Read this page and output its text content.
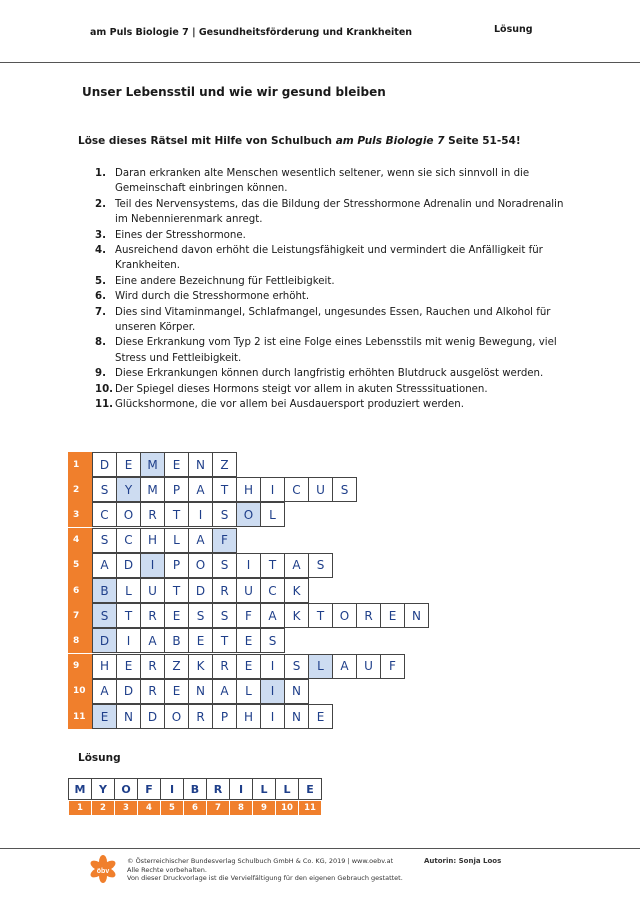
am Puls Biologie 7 | Gesundheitsförderung und Krankheiten	Lösung
Unser Lebensstil und wie wir gesund bleiben
Löse dieses Rätsel mit Hilfe von Schulbuch am Puls Biologie 7 Seite 51-54!
1. Daran erkranken alte Menschen wesentlich seltener, wenn sie sich sinnvoll in die Gemeinschaft einbringen können.
2. Teil des Nervensystems, das die Bildung der Stresshormone Adrenalin und Noradrenalin im Nebennierenmark anregt.
3. Eines der Stresshormone.
4. Ausreichend davon erhöht die Leistungsfähigkeit und vermindert die Anfälligkeit für Krankheiten.
5. Eine andere Bezeichnung für Fettleibigkeit.
6. Wird durch die Stresshormone erhöht.
7. Dies sind Vitaminmangel, Schlafmangel, ungesundes Essen, Rauchen und Alkohol für unseren Körper.
8. Diese Erkrankung vom Typ 2 ist eine Folge eines Lebensstils mit wenig Bewegung, viel Stress und Fettleibigkeit.
9. Diese Erkrankungen können durch langfristig erhöhten Blutdruck ausgelöst werden.
10. Der Spiegel dieses Hormons steigt vor allem in akuten Stresssituationen.
11. Glückshormone, die vor allem bei Ausdauersport produziert werden.
1	D	E	M	E	N	Z
2	S	Y	M	P	A	T	H	I	C	U	S
3	C	O	R	T	I	S	O	L
4	S	C	H	L	A	F
5	A	D	I	P	O	S	I	T	A	S
6	B	L	U	T	D	R	U	C	K
7	S	T	R	E	S	S	F	A	K	T	O	R	E	N
8	D	I	A	B	E	T	E	S
9	H	E	R	Z	K	R	E	I	S	L	A	U	F
10	A	D	R	E	N	A	L	I	N
11	E	N	D	O	R	P	H	I	N	E
Lösung
M	Y	O	F	I	B	R	I	L	L	E
1	2	3	4	5	6	7	8	9	10	11
öbv
© Österreichischer Bundesverlag Schulbuch GmbH & Co. KG, 2019 | www.oebv.at
Alle Rechte vorbehalten.
Von dieser Druckvorlage ist die Vervielfältigung für den eigenen Gebrauch gestattet.
Autorin: Sonja Loos
